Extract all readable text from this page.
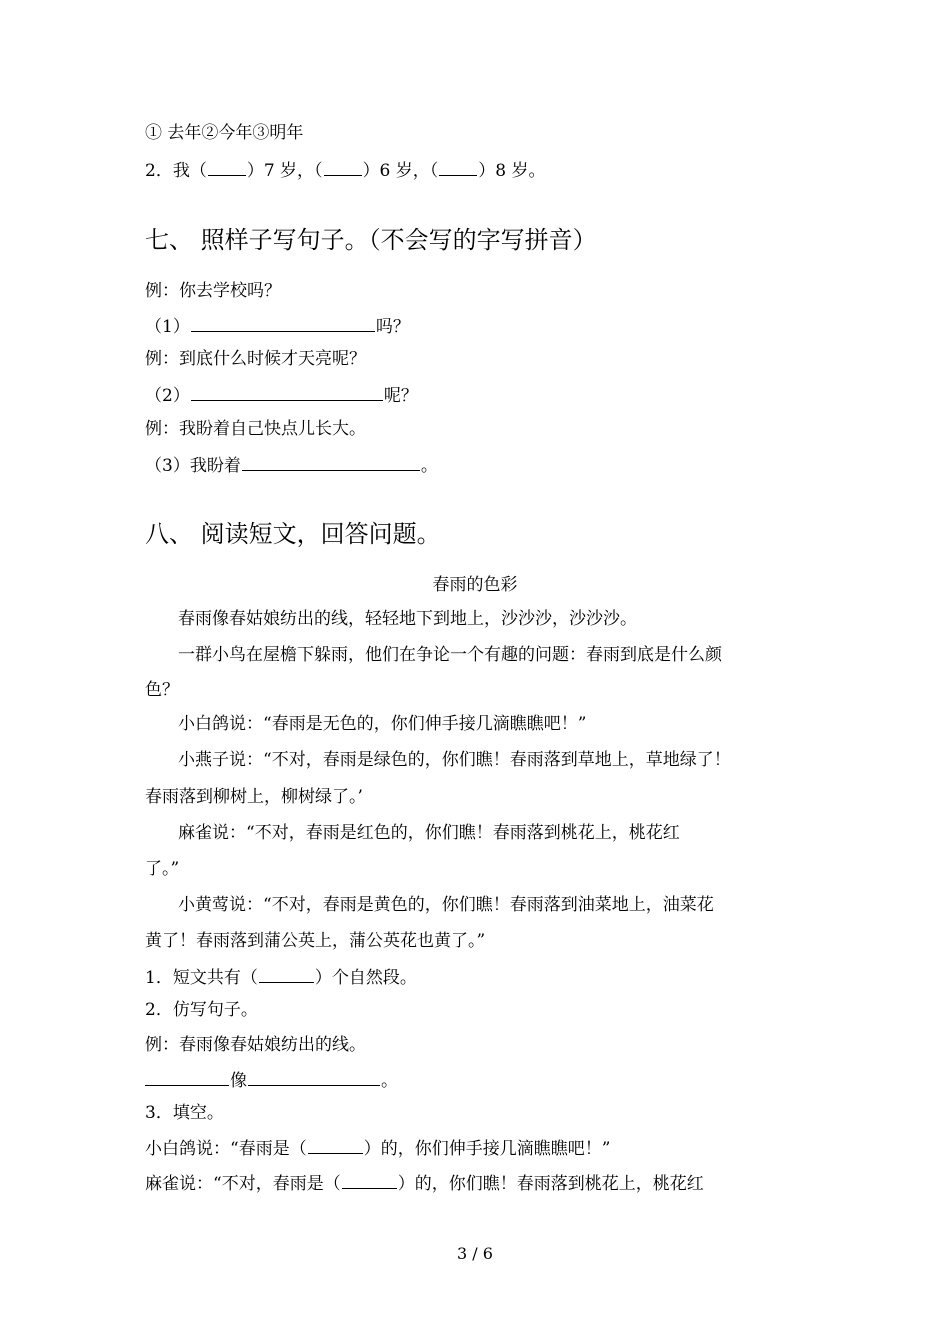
① 去年②今年③明年
2．我（ ）7 岁，（ ）6 岁，（ ）8 岁。
七、 照样子写句子。（不会写的字写拼音）
例：你去学校吗？
（1）	吗？
例：到底什么时候才天亮呢？
（2）	呢？
例：我盼着自己快点儿长大。
（3）我盼着	。
八、 阅读短文，回答问题。
春雨的色彩
春雨像春姑娘纺出的线，轻轻地下到地上，沙沙沙，沙沙沙。
一群小鸟在屋檐下躲雨，他们在争论一个有趣的问题：春雨到底是什么颜
色？
小白鸽说：“春雨是无色的，你们伸手接几滴瞧瞧吧！”
小燕子说：“不对，春雨是绿色的，你们瞧！春雨落到草地上，草地绿了！
春雨落到柳树上，柳树绿了。’
麻雀说：“不对，春雨是红色的，你们瞧！春雨落到桃花上，桃花红
了。”
小黄莺说：“不对，春雨是黄色的，你们瞧！春雨落到油菜地上，油菜花
黄了！春雨落到蒲公英上，蒲公英花也黄了。”
1．短文共有（	）个自然段。
2．仿写句子。
例：春雨像春姑娘纺出的线。
像	。
3．填空。
小白鸽说：“春雨是（	）的，你们伸手接几滴瞧瞧吧！”
麻雀说：“不对，春雨是（	）的，你们瞧！春雨落到桃花上，桃花红
3 / 6
